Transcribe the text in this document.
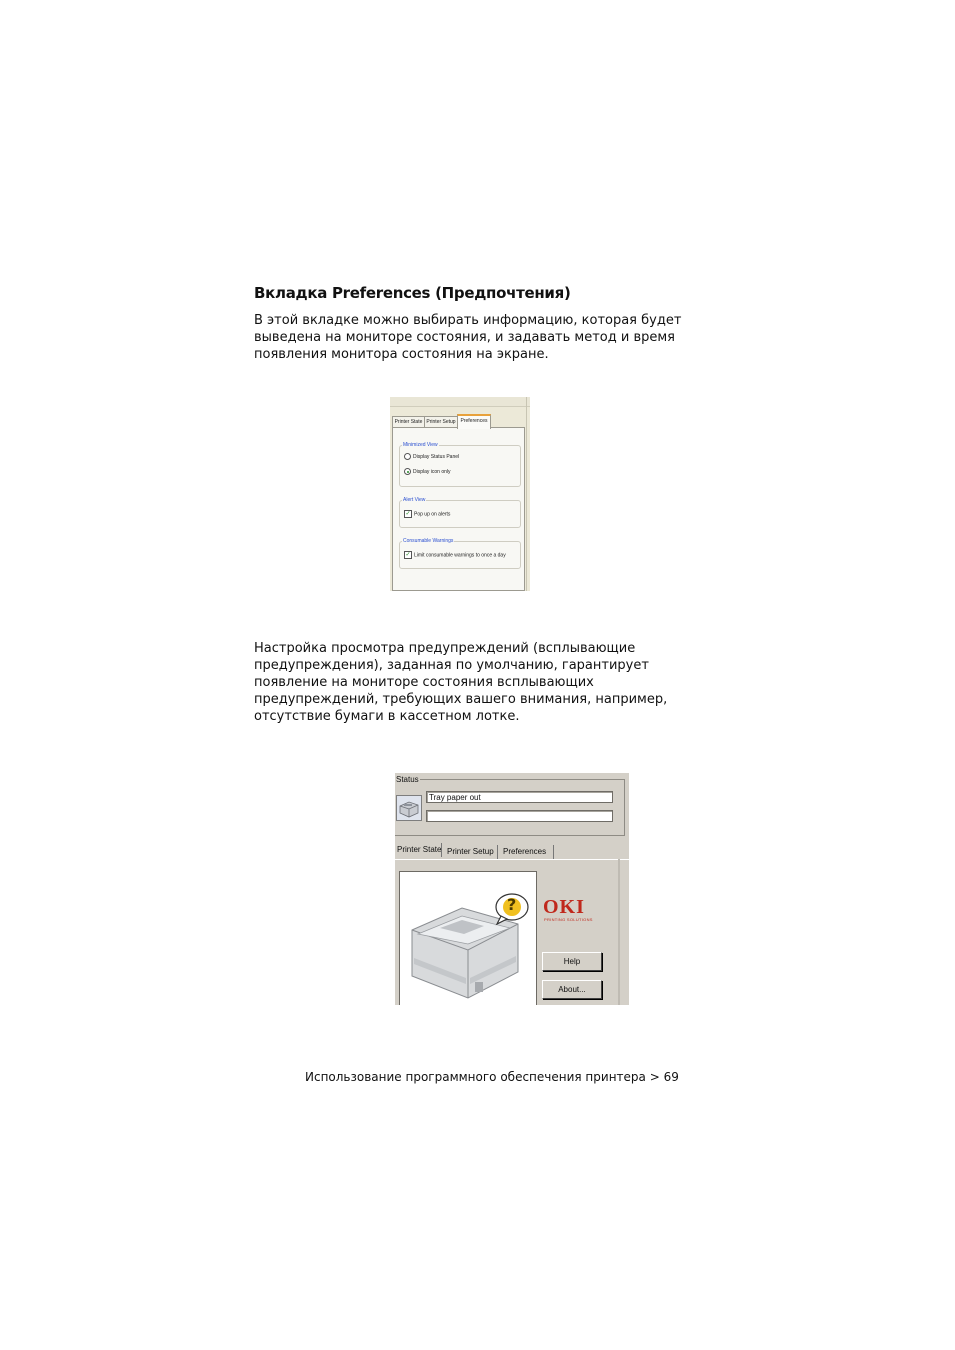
Вкладка Preferences (Предпочтения)
В этой вкладке можно выбирать информацию, которая будет
выведена на мониторе состояния, и задавать метод и время
появления монитора состояния на экране.
Printer State Printer Setup Preferences
Minimized View
Display Status Panel
Display icon only
Alert View
✓ Pop up on alerts
Consumable Warnings
✓ Limit consumable warnings to once a day
Настройка просмотра предупреждений (всплывающие
предупреждения), заданная по умолчанию, гарантирует
появление на мониторе состояния всплывающих
предупреждений, требующих вашего внимания, например,
отсутствие бумаги в кассетном лотке.
Status
Tray paper out
Printer State Printer Setup	Preferences
? OKI
PRINTING SOLUTIONS
Help
About...
Использование программного обеспечения принтера > 69
